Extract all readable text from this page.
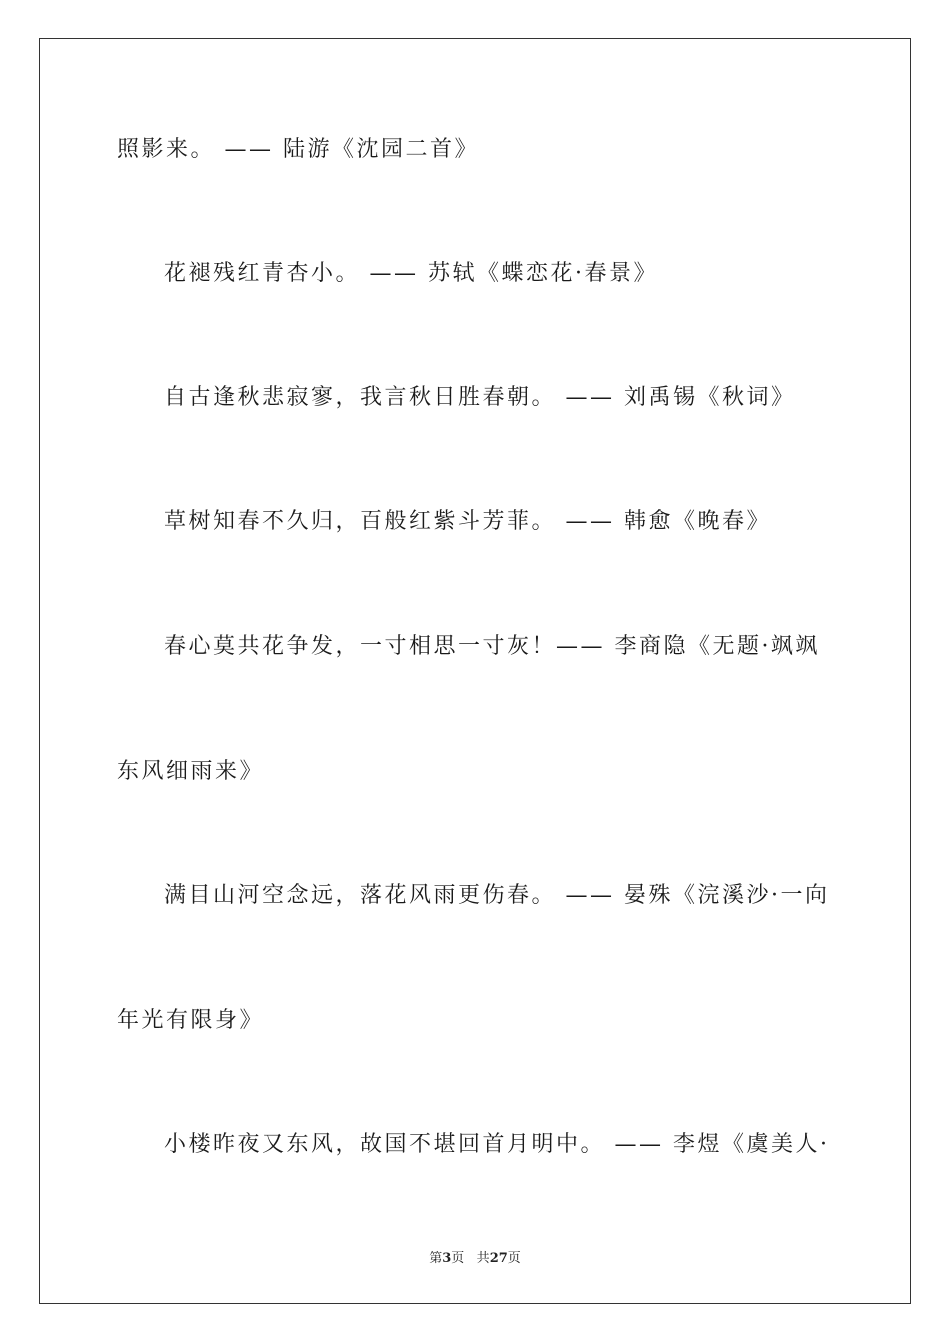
照影来。 —— 陆游《沈园二首》
花褪残红青杏小。 —— 苏轼《蝶恋花·春景》
自古逢秋悲寂寥，我言秋日胜春朝。 —— 刘禹锡《秋词》
草树知春不久归，百般红紫斗芳菲。 —— 韩愈《晚春》
春心莫共花争发，一寸相思一寸灰！—— 李商隐《无题·飒飒
东风细雨来》
满目山河空念远，落花风雨更伤春。 —— 晏殊《浣溪沙·一向
年光有限身》
小楼昨夜又东风，故国不堪回首月明中。 —— 李煜《虞美人·
第3页 共27页
